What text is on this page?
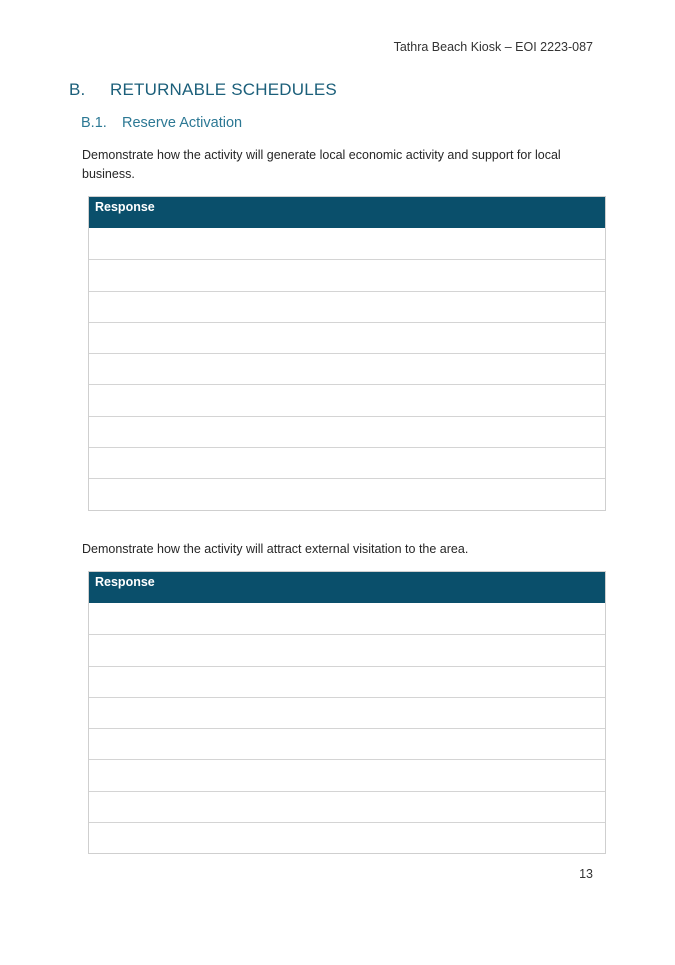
Tathra Beach Kiosk – EOI 2223-087
B. RETURNABLE SCHEDULES
B.1. Reserve Activation
Demonstrate how the activity will generate local economic activity and support for local business.
Response
Demonstrate how the activity will attract external visitation to the area.
Response
13
